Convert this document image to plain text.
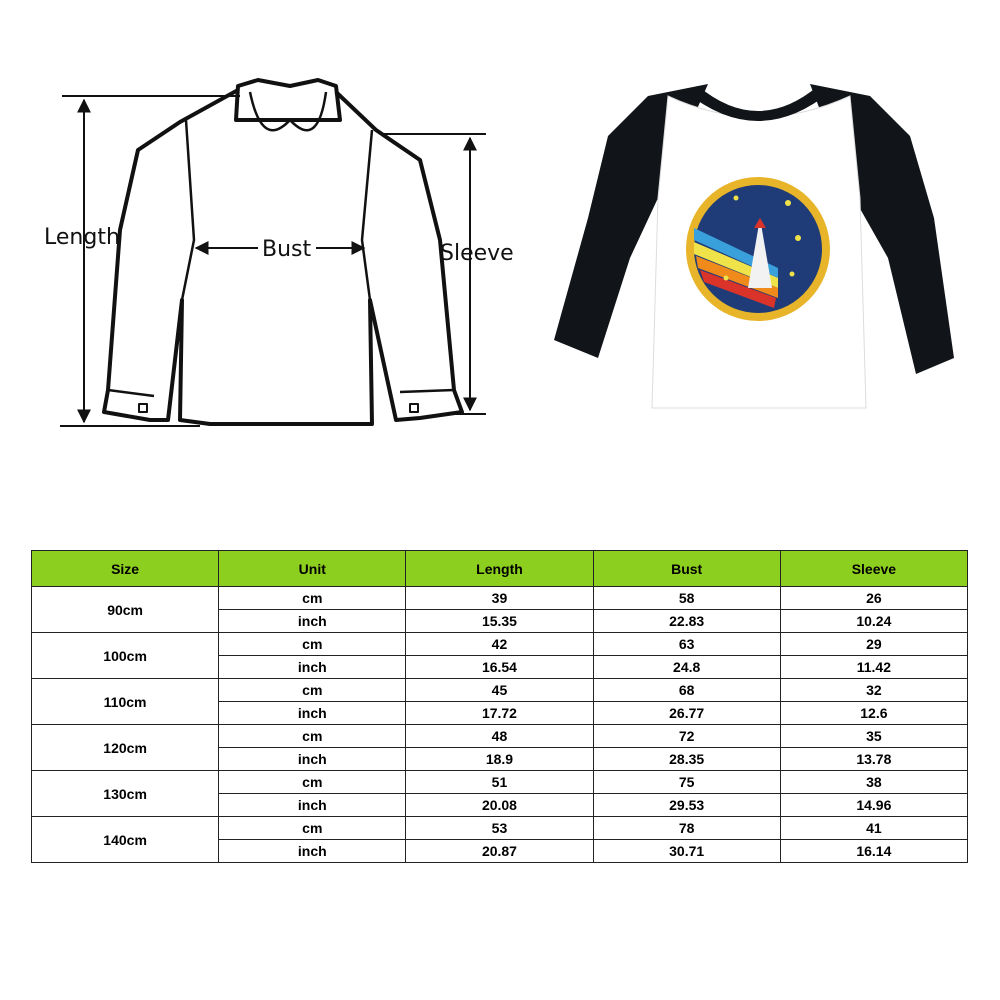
Length	Bust	Sleeve
Size	Unit	Length	Bust	Sleeve
90cm	cm	39	58	26
	inch	15.35	22.83	10.24
100cm	cm	42	63	29
	inch	16.54	24.8	11.42
110cm	cm	45	68	32
	inch	17.72	26.77	12.6
120cm	cm	48	72	35
	inch	18.9	28.35	13.78
130cm	cm	51	75	38
	inch	20.08	29.53	14.96
140cm	cm	53	78	41
	inch	20.87	30.71	16.14
